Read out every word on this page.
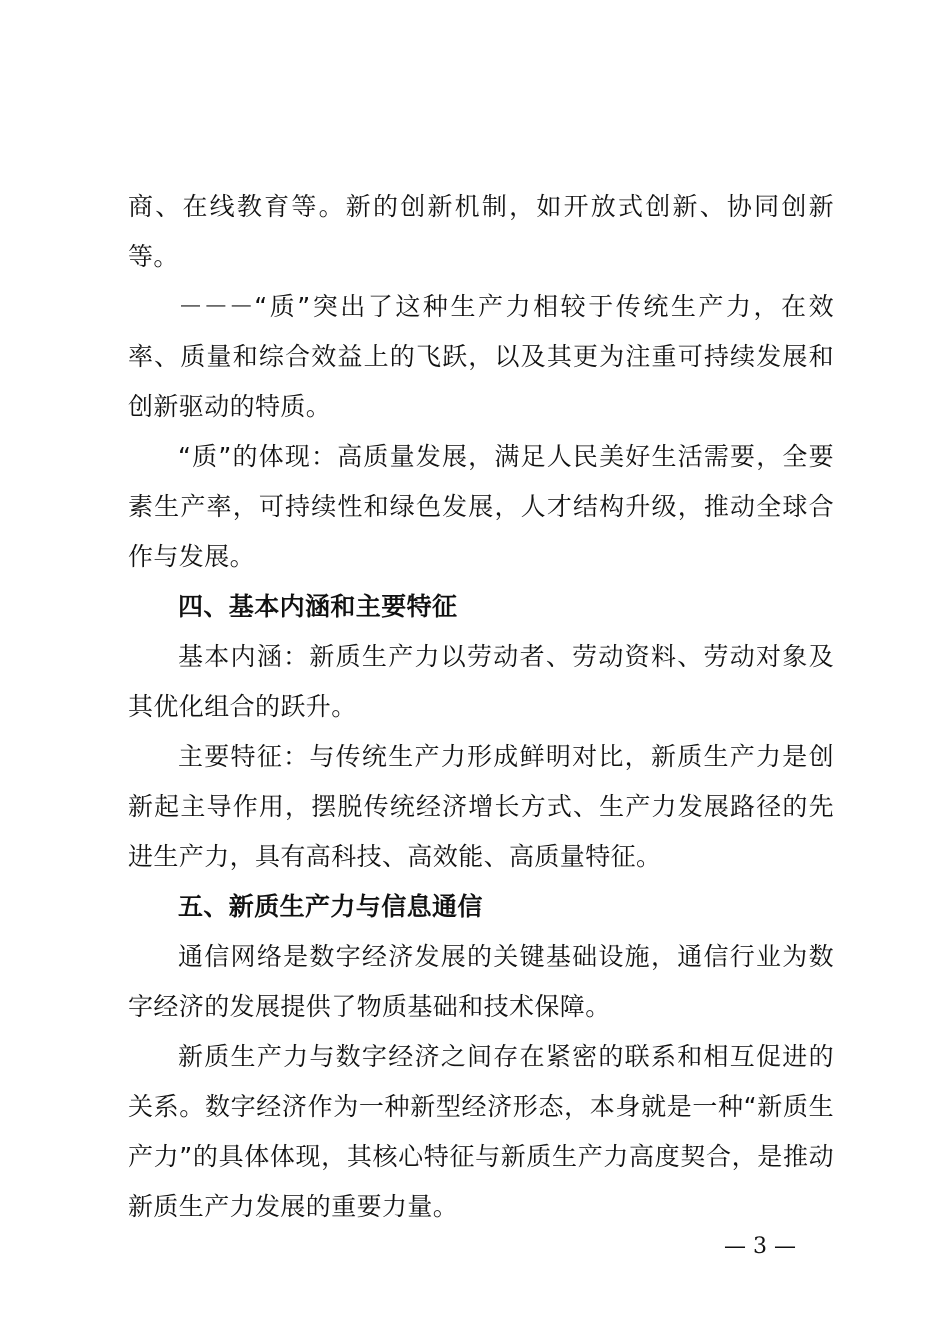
商、在线教育等。新的创新机制，如开放式创新、协同创新等。

－－－“质”突出了这种生产力相较于传统生产力，在效率、质量和综合效益上的飞跃，以及其更为注重可持续发展和创新驱动的特质。

“质”的体现：高质量发展，满足人民美好生活需要，全要素生产率，可持续性和绿色发展，人才结构升级，推动全球合作与发展。

四、基本内涵和主要特征

基本内涵：新质生产力以劳动者、劳动资料、劳动对象及其优化组合的跃升。

主要特征：与传统生产力形成鲜明对比，新质生产力是创新起主导作用，摆脱传统经济增长方式、生产力发展路径的先进生产力，具有高科技、高效能、高质量特征。

五、新质生产力与信息通信

通信网络是数字经济发展的关键基础设施，通信行业为数字经济的发展提供了物质基础和技术保障。

新质生产力与数字经济之间存在紧密的联系和相互促进的关系。数字经济作为一种新型经济形态，本身就是一种“新质生产力”的具体体现，其核心特征与新质生产力高度契合，是推动新质生产力发展的重要力量。

— 3 —
